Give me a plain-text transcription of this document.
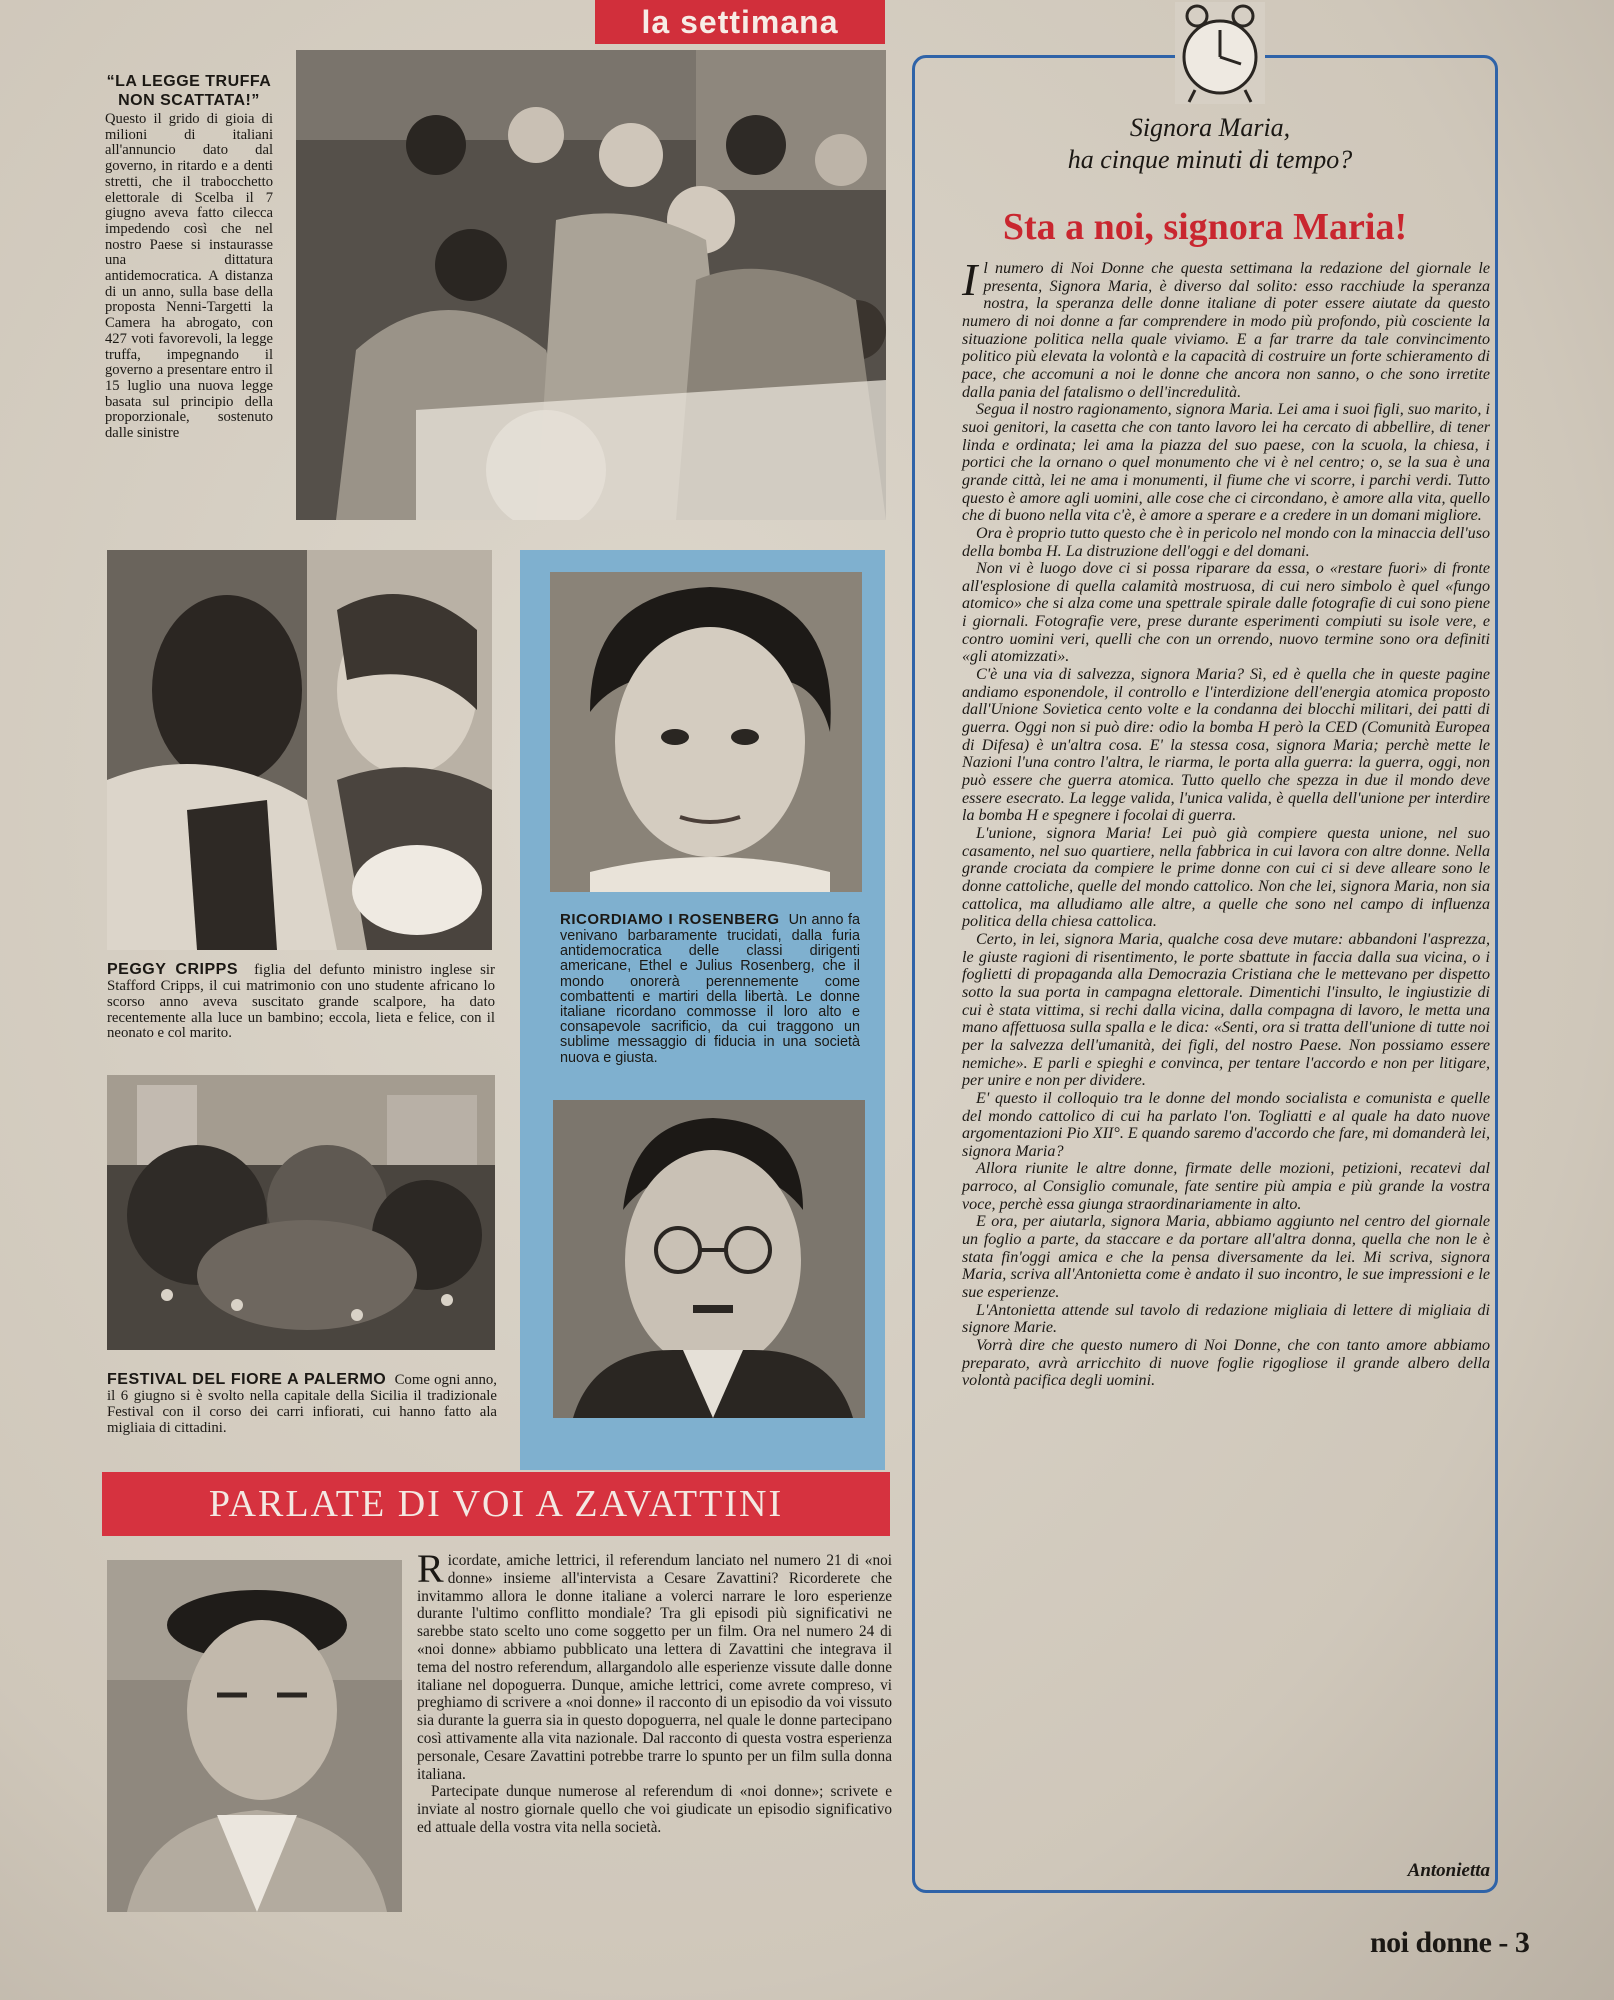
la settimana
“LA LEGGE TRUFFA NON SCATTATA!”
Questo il grido di gioia di milioni di italiani all'annuncio dato dal governo, in ritardo e a denti stretti, che il trabocchetto elettorale di Scelba il 7 giugno aveva fatto cilecca impedendo così che nel nostro Paese si instaurasse una dittatura antidemocratica. A distanza di un anno, sulla base della proposta Nenni-Targetti la Camera ha abrogato, con 427 voti favorevoli, la legge truffa, impegnando il governo a presentare entro il 15 luglio una nuova legge basata sul principio della proporzionale, sostenuto dalle sinistre

PEGGY CRIPPS figlia del defunto ministro inglese sir Stafford Cripps, il cui matrimonio con uno studente africano lo scorso anno aveva suscitato grande scalpore, ha dato recentemente alla luce un bambino; eccola, lieta e felice, con il neonato e col marito.

FESTIVAL DEL FIORE A PALERMO Come ogni anno, il 6 giugno si è svolto nella capitale della Sicilia il tradizionale Festival con il corso dei carri infiorati, cui hanno fatto ala migliaia di cittadini.

RICORDIAMO I ROSENBERG Un anno fa venivano barbaramente trucidati, dalla furia antidemocratica delle classi dirigenti americane, Ethel e Julius Rosenberg, che il mondo onorerà perennemente come combattenti e martiri della libertà. Le donne italiane ricordano commosse il loro alto e consapevole sacrificio, da cui traggono un sublime messaggio di fiducia in una società nuova e giusta.

PARLATE DI VOI A ZAVATTINI

Ricordate, amiche lettrici, il referendum lanciato nel numero 21 di «noi donne» insieme all'intervista a Cesare Zavattini? Ricorderete che invitammo allora le donne italiane a volerci narrare le loro esperienze durante l'ultimo conflitto mondiale? Tra gli episodi più significativi ne sarebbe stato scelto uno come soggetto per un film. Ora nel numero 24 di «noi donne» abbiamo pubblicato una lettera di Zavattini che integrava il tema del nostro referendum, allargandolo alle esperienze vissute dalle donne italiane nel dopoguerra. Dunque, amiche lettrici, come avrete compreso, vi preghiamo di scrivere a «noi donne» il racconto di un episodio da voi vissuto sia durante la guerra sia in questo dopoguerra, nel quale le donne partecipano così attivamente alla vita nazionale. Dal racconto di questa vostra esperienza personale, Cesare Zavattini potrebbe trarre lo spunto per un film sulla donna italiana.

Partecipate dunque numerose al referendum di «noi donne»; scrivete e inviate al nostro giornale quello che voi giudicate un episodio significativo ed attuale della vostra vita nella società.

Signora Maria,
ha cinque minuti di tempo?
Sta a noi, signora Maria!

Il numero di Noi Donne che questa settimana la redazione del giornale le presenta, Signora Maria, è diverso dal solito: esso racchiude la speranza nostra, la speranza delle donne italiane di poter essere aiutate da questo numero di noi donne a far comprendere in modo più profondo, più cosciente la situazione politica nella quale viviamo. E a far trarre da tale convincimento politico più elevata la volontà e la capacità di costruire un forte schieramento di pace, che accomuni a noi le donne che ancora non sanno, o che sono irretite dalla pania del fatalismo o dell'incredulità.

Segua il nostro ragionamento, signora Maria. Lei ama i suoi figli, suo marito, i suoi genitori, la casetta che con tanto lavoro lei ha cercato di abbellire, di tener linda e ordinata; lei ama la piazza del suo paese, con la scuola, la chiesa, i portici che la ornano o quel monumento che vi è nel centro; o, se la sua è una grande città, lei ne ama i monumenti, il fiume che vi scorre, i parchi verdi. Tutto questo è amore agli uomini, alle cose che ci circondano, è amore alla vita, quello che di buono nella vita c'è, è amore a sperare e a credere in un domani migliore.

Ora è proprio tutto questo che è in pericolo nel mondo con la minaccia dell'uso della bomba H. La distruzione dell'oggi e del domani.

Non vi è luogo dove ci si possa riparare da essa, o «restare fuori» di fronte all'esplosione di quella calamità mostruosa, di cui nero simbolo è quel «fungo atomico» che si alza come una spettrale spirale dalle fotografie di cui sono piene i giornali. Fotografie vere, prese durante esperimenti compiuti su isole vere, e contro uomini veri, quelli che con un orrendo, nuovo termine sono ora definiti «gli atomizzati».

C'è una via di salvezza, signora Maria? Sì, ed è quella che in queste pagine andiamo esponendole, il controllo e l'interdizione dell'energia atomica proposto dall'Unione Sovietica cento volte e la condanna dei blocchi militari, dei patti di guerra. Oggi non si può dire: odio la bomba H però la CED (Comunità Europea di Difesa) è un'altra cosa. E' la stessa cosa, signora Maria; perchè mette le Nazioni l'una contro l'altra, le riarma, le porta alla guerra: la guerra, oggi, non può essere che guerra atomica. Tutto quello che spezza in due il mondo deve essere esecrato. La legge valida, l'unica valida, è quella dell'unione per interdire la bomba H e spegnere i focolai di guerra.

L'unione, signora Maria! Lei può già compiere questa unione, nel suo casamento, nel suo quartiere, nella fabbrica in cui lavora con altre donne. Nella grande crociata da compiere le prime donne con cui ci si deve alleare sono le donne cattoliche, quelle del mondo cattolico. Non che lei, signora Maria, non sia cattolica, ma alludiamo alle altre, a quelle che sono nel campo di influenza politica della chiesa cattolica.

Certo, in lei, signora Maria, qualche cosa deve mutare: abbandoni l'asprezza, le giuste ragioni di risentimento, le porte sbattute in faccia dalla sua vicina, o i foglietti di propaganda alla Democrazia Cristiana che le mettevano per dispetto sotto la sua porta in campagna elettorale. Dimentichi l'insulto, le ingiustizie di cui è stata vittima, si rechi dalla vicina, dalla compagna di lavoro, le metta una mano affettuosa sulla spalla e le dica: «Senti, ora si tratta dell'unione di tutte noi per la salvezza dell'umanità, dei figli, del nostro Paese. Non possiamo essere nemiche». E parli e spieghi e convinca, per tentare l'accordo e non per litigare, per unire e non per dividere.

E' questo il colloquio tra le donne del mondo socialista e comunista e quelle del mondo cattolico di cui ha parlato l'on. Togliatti e al quale ha dato nuove argomentazioni Pio XII°. E quando saremo d'accordo che fare, mi domanderà lei, signora Maria?

Allora riunite le altre donne, firmate delle mozioni, petizioni, recatevi dal parroco, al Consiglio comunale, fate sentire più ampia e più grande la vostra voce, perchè essa giunga straordinariamente in alto.

E ora, per aiutarla, signora Maria, abbiamo aggiunto nel centro del giornale un foglio a parte, da staccare e da portare all'altra donna, quella che non le è stata fin'oggi amica e che la pensa diversamente da lei. Mi scriva, signora Maria, scriva all'Antonietta come è andato il suo incontro, le sue impressioni e le sue esperienze.

L'Antonietta attende sul tavolo di redazione migliaia di lettere di migliaia di signore Marie.

Vorrà dire che questo numero di Noi Donne, che con tanto amore abbiamo preparato, avrà arricchito di nuove foglie rigogliose il grande albero della volontà pacifica degli uomini.

Antonietta
noi donne - 3
